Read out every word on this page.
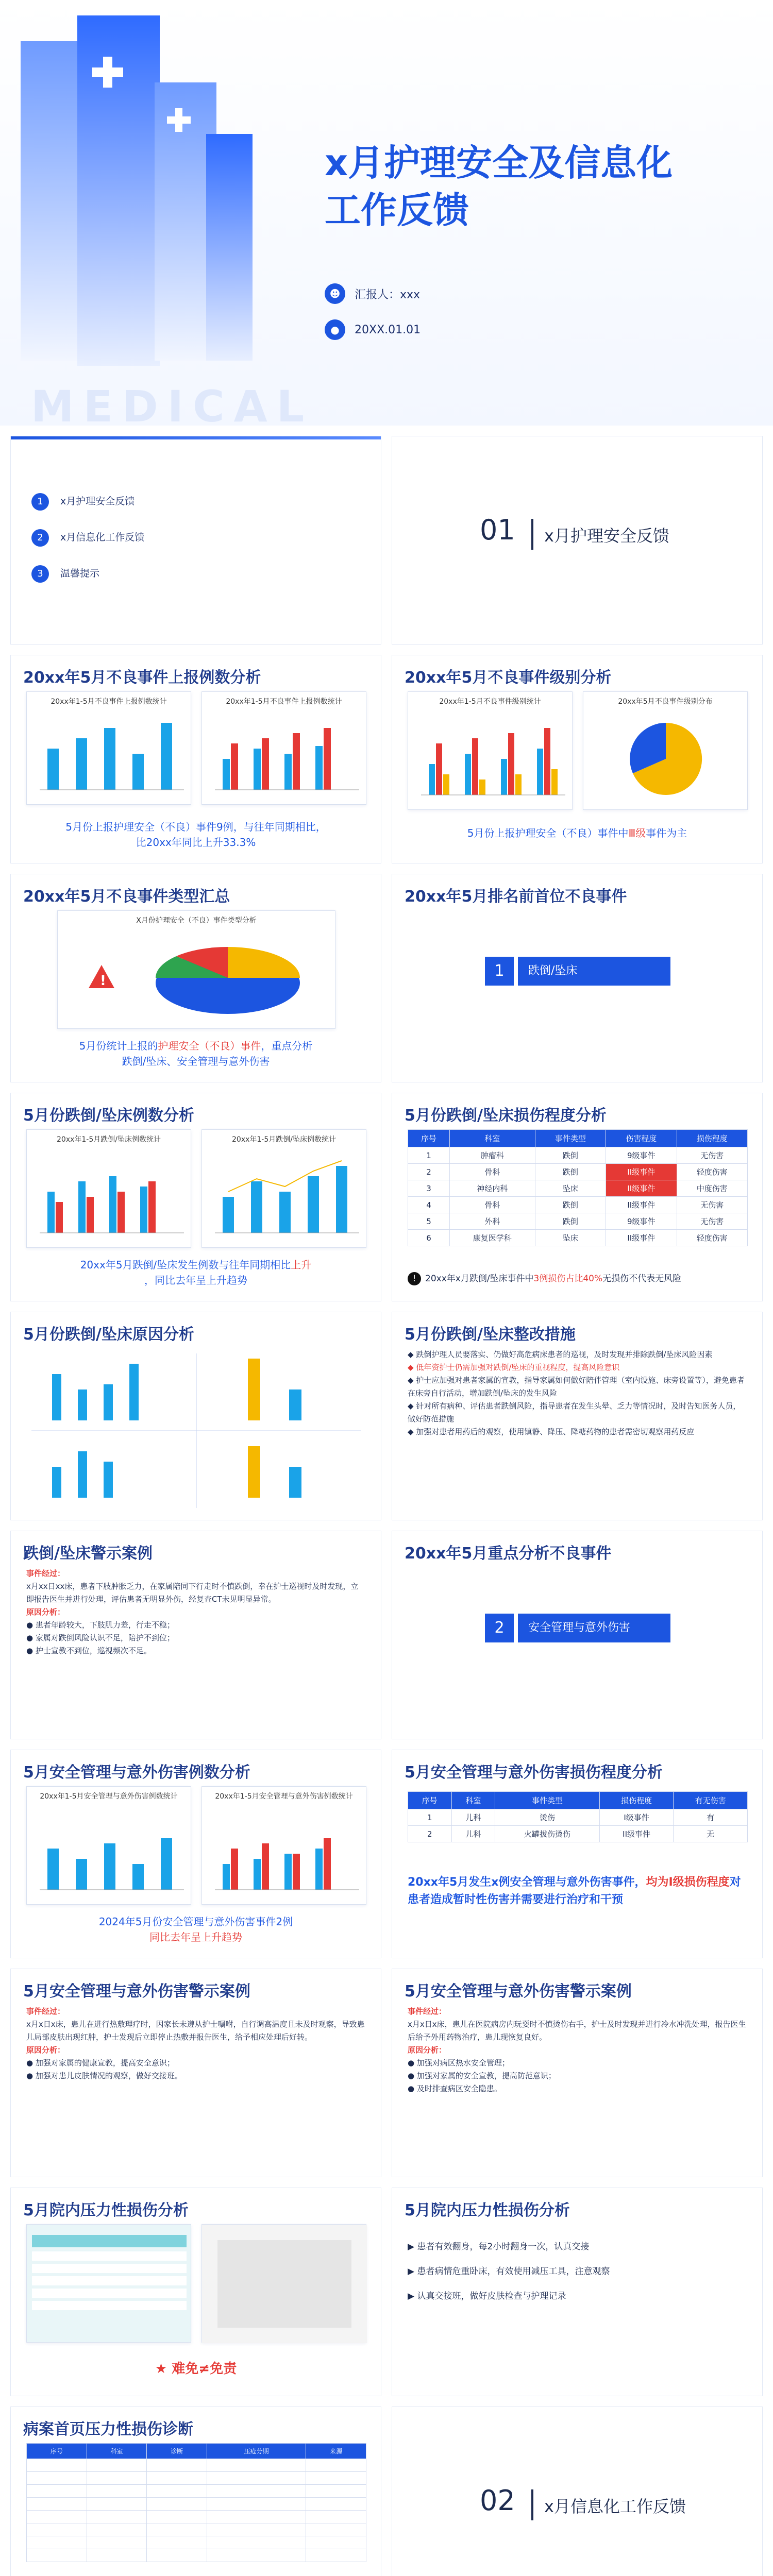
x月护理安全及信息化
工作反馈
☻	汇报人：xxx
●	20XX.01.01
MEDICAL
1 x月护理安全反馈
2 x月信息化工作反馈
3 温馨提示
01 x月护理安全反馈
20xx年5月不良事件上报例数分析
20xx年1-5月不良事件上报例数统计	20xx年1-5月不良事件上报例数统计
5月份上报护理安全（不良）事件9例，与往年同期相比，
比20xx年同比上升33.3%
20xx年5月不良事件级别分析
20xx年1-5月不良事件级别统计	20xx年5月不良事件级别分布
5月份上报护理安全（不良）事件中Ⅲ级事件为主
20xx年5月不良事件类型汇总
X月份护理安全（不良）事件类型分析
!
5月份统计上报的护理安全（不良）事件，重点分析
跌倒/坠床、安全管理与意外伤害
20xx年5月排名前首位不良事件
1	跌倒/坠床
5月份跌倒/坠床例数分析
20xx年1-5月跌倒/坠床例数统计	20xx年1-5月跌倒/坠床例数统计
20xx年5月跌倒/坠床发生例数与往年同期相比上升
，同比去年呈上升趋势
5月份跌倒/坠床损伤程度分析
序号	科室	事件类型	伤害程度	损伤程度
1	肿瘤科	跌倒	9级事件	无伤害
2	骨科	跌倒	II级事件	轻度伤害
3	神经内科	坠床	II级事件	中度伤害
4	骨科	跌倒	II级事件	无伤害
5	外科	跌倒	9级事件	无伤害
6	康复医学科	坠床	II级事件	轻度伤害
! 20xx年x月跌倒/坠床事件中3例损伤占比40%无损伤不代表无风险
5月份跌倒/坠床原因分析	5月份跌倒/坠床整改措施
◆ 跌倒护理人员要落实、仍做好高危病床患者的巡视，及时发现并排除跌倒/坠床风险因素
◆ 低年资护士仍需加强对跌倒/坠床的重视程度，提高风险意识
◆ 护士应加强对患者家属的宣教，指导家属如何做好陪伴管理（室内设施、床旁设置等），避免患者在床旁自行活动，增加跌倒/坠床的发生风险
◆ 针对所有病种、评估患者跌倒风险，指导患者在发生头晕、乏力等情况时，及时告知医务人员，做好防范措施
◆ 加强对患者用药后的观察，使用镇静、降压、降糖药物的患者需密切观察用药反应
跌倒/坠床警示案例
事件经过：
x月xx日xx床，患者下肢肿胀乏力，在家属陪同下行走时不慎跌倒，幸在护士巡视时及时发现，立即报告医生并进行处理，评估患者无明显外伤，经复查CT未见明显异常。
原因分析：
● 患者年龄较大，下肢肌力差，行走不稳；
● 家属对跌倒风险认识不足，陪护不到位；
● 护士宣教不到位，巡视频次不足。
20xx年5月重点分析不良事件
2	安全管理与意外伤害
5月安全管理与意外伤害例数分析
20xx年1-5月安全管理与意外伤害例数统计	20xx年1-5月安全管理与意外伤害例数统计
2024年5月份安全管理与意外伤害事件2例
同比去年呈上升趋势
5月安全管理与意外伤害损伤程度分析
序号	科室	事件类型	损伤程度	有无伤害
1	儿科	烫伤	I级事件	有
2	儿科	火罐拔伤烫伤	II级事件	无
20xx年5月发生x例安全管理与意外伤害事件，均为I级损伤程度对患者造成暂时性伤害并需要进行治疗和干预
5月安全管理与意外伤害警示案例
事件经过：
x月x日x床，患儿在进行热敷理疗时，因家长未遵从护士嘱咐，自行调高温度且未及时观察，导致患儿局部皮肤出现红肿，护士发现后立即停止热敷并报告医生，给予相应处理后好转。
原因分析：
● 加强对家属的健康宣教，提高安全意识；
● 加强对患儿皮肤情况的观察，做好交接班。
5月安全管理与意外伤害警示案例
事件经过：
x月x日x床，患儿在医院病房内玩耍时不慎烫伤右手，护士及时发现并进行冷水冲洗处理，报告医生后给予外用药物治疗，患儿现恢复良好。
原因分析：
● 加强对病区热水安全管理；
● 加强对家属的安全宣教，提高防范意识；
● 及时排查病区安全隐患。
5月院内压力性损伤分析
★ 难免≠免责
5月院内压力性损伤分析
▶ 患者有效翻身，每2小时翻身一次，认真交接
▶ 患者病情危重卧床，有效使用减压工具，注意观察
▶ 认真交接班，做好皮肤检查与护理记录
病案首页压力性损伤诊断
序号	科室	诊断	压疮分期	来源

02 x月信息化工作反馈
